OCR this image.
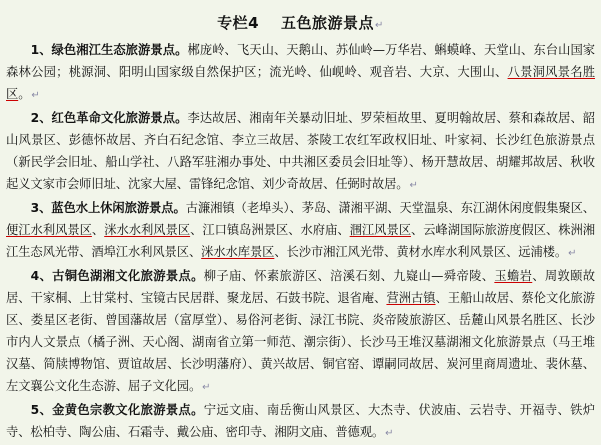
专栏4 五色旅游景点↵

1、绿色湘江生态旅游景点。郴庞岭、飞天山、天鹅山、苏仙岭—万华岩、蝌蟆峰、天堂山、东台山国家森林公园；桃源洞、阳明山国家级自然保护区；流光岭、仙岘岭、观音岩、大京、大围山、八景洞风景名胜区。↵

2、红色革命文化旅游景点。李达故居、湘南年关暴动旧址、罗荣桓故里、夏明翰故居、蔡和森故居、韶山风景区、彭德怀故居、齐白石纪念馆、李立三故居、茶陵工农红军政权旧址、叶家祠、长沙红色旅游景点（新民学会旧址、船山学社、八路军驻湘办事处、中共湘区委员会旧址等）、杨开慧故居、胡耀邦故居、秋收起义文家市会师旧址、沈家大屋、雷锋纪念馆、刘少奇故居、任弼时故居。↵

3、蓝色水上休闲旅游景点。古濂湘镇（老埠头）、茅岛、潇湘平湖、天堂温泉、东江湖休闲度假集聚区、便江水利风景区、洣水水利风景区、江口镇岛洲景区、水府庙、涠江风景区、云峰湖国际旅游度假区、株洲湘江生态风光带、酒埠江水利风景区、洣水水库景区、长沙市湘江风光带、黄材水库水利风景区、远浦楼。↵

4、古铜色湖湘文化旅游景点。柳子庙、怀素旅游区、涪溪石刻、九嶷山—舜帝陵、玉蟾岩、周敦颐故居、干家桐、上甘棠村、宝镜古民居群、聚龙居、石鼓书院、退省庵、营洲古镇、王船山故居、蔡伦文化旅游区、娄星区老街、曾国藩故居（富厚堂）、易俗河老街、渌江书院、炎帝陵旅游区、岳麓山风景名胜区、长沙市内人文景点（橘子洲、天心阁、湖南省立第一师范、潮宗街）、长沙马王堆汉墓湖湘文化旅游景点（马王堆汉墓、简牍博物馆、贾谊故居、长沙明藩府）、黄兴故居、铜官窑、谭嗣同故居、炭河里商周遗址、裴休墓、左文襄公文化生态游、屈子文化园。↵

5、金黄色宗教文化旅游景点。宁远文庙、南岳衡山风景区、大杰寺、伏波庙、云岩寺、开福寺、铁炉寺、松柏寺、陶公庙、石霜寺、戴公庙、密印寺、湘阴文庙、普德观。↵
